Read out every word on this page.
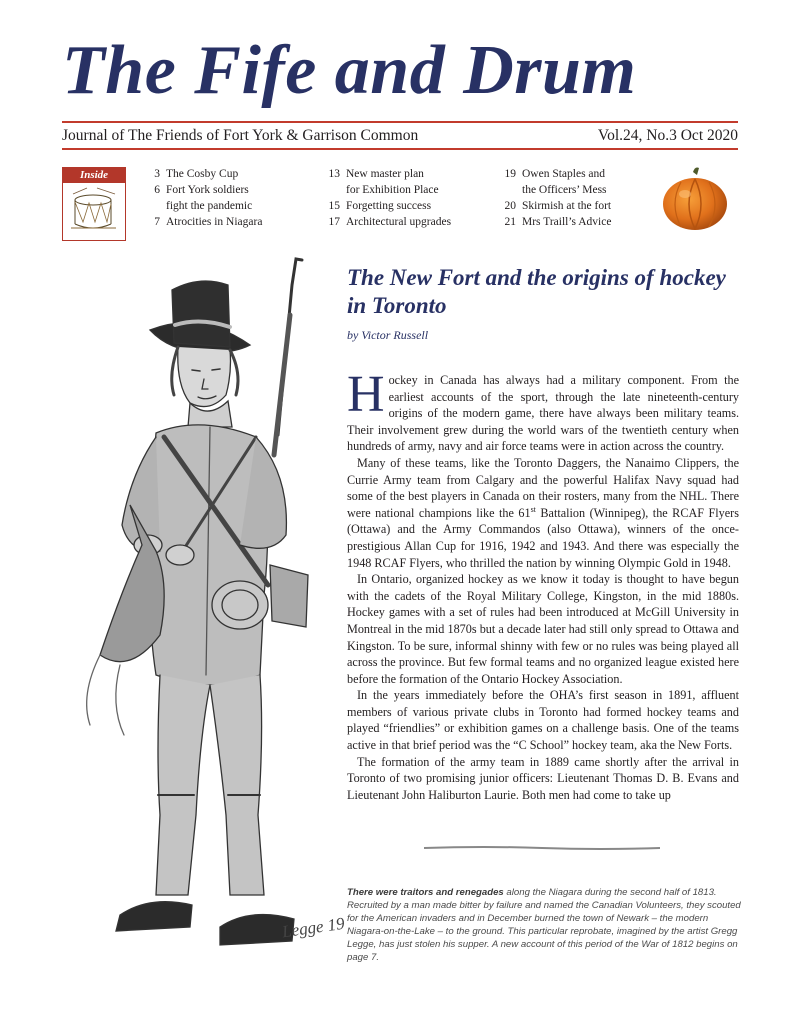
The Fife and Drum
Journal of The Friends of Fort York & Garrison Common	Vol.24, No.3 Oct 2020
Inside	3 The Cosby Cup
6 Fort York soldiers
fight the pandemic
7 Atrocities in Niagara
13 New master plan
for Exhibition Place
15 Forgetting success
17 Architectural upgrades
19 Owen Staples and
the Officers’ Mess
20 Skirmish at the fort
21 Mrs Traill’s Advice
Legge 19
The New Fort and the origins of hockey in Toronto
by Victor Russell

Hockey in Canada has always had a military component. From the earliest accounts of the sport, through the late nineteenth-century origins of the modern game, there have always been military teams. Their involvement grew during the world wars of the twentieth century when hundreds of army, navy and air force teams were in action across the country.

Many of these teams, like the Toronto Daggers, the Nanaimo Clippers, the Currie Army team from Calgary and the powerful Halifax Navy squad had some of the best players in Canada on their rosters, many from the NHL. There were national champions like the 61st Battalion (Winnipeg), the RCAF Flyers (Ottawa) and the Army Commandos (also Ottawa), winners of the once-prestigious Allan Cup for 1916, 1942 and 1943. And there was especially the 1948 RCAF Flyers, who thrilled the nation by winning Olympic Gold in 1948.

In Ontario, organized hockey as we know it today is thought to have begun with the cadets of the Royal Military College, Kingston, in the mid 1880s. Hockey games with a set of rules had been introduced at McGill University in Montreal in the mid 1870s but a decade later had still only spread to Ottawa and Kingston. To be sure, informal shinny with few or no rules was being played all across the province. But few formal teams and no organized league existed here before the formation of the Ontario Hockey Association.

In the years immediately before the OHA’s first season in 1891, affluent members of various private clubs in Toronto had formed hockey teams and played “friendlies” or exhibition games on a challenge basis. One of the teams active in that brief period was the “C School” hockey team, aka the New Forts.

The formation of the army team in 1889 came shortly after the arrival in Toronto of two promising junior officers: Lieutenant Thomas D. B. Evans and Lieutenant John Haliburton Laurie. Both men had come to take up

There were traitors and renegades along the Niagara during the second half of 1813. Recruited by a man made bitter by failure and named the Canadian Volunteers, they scouted for the American invaders and in December burned the town of Newark – the modern Niagara-on-the-Lake – to the ground. This particular reprobate, imagined by the artist Gregg Legge, has just stolen his supper. A new account of this period of the War of 1812 begins on page 7.
